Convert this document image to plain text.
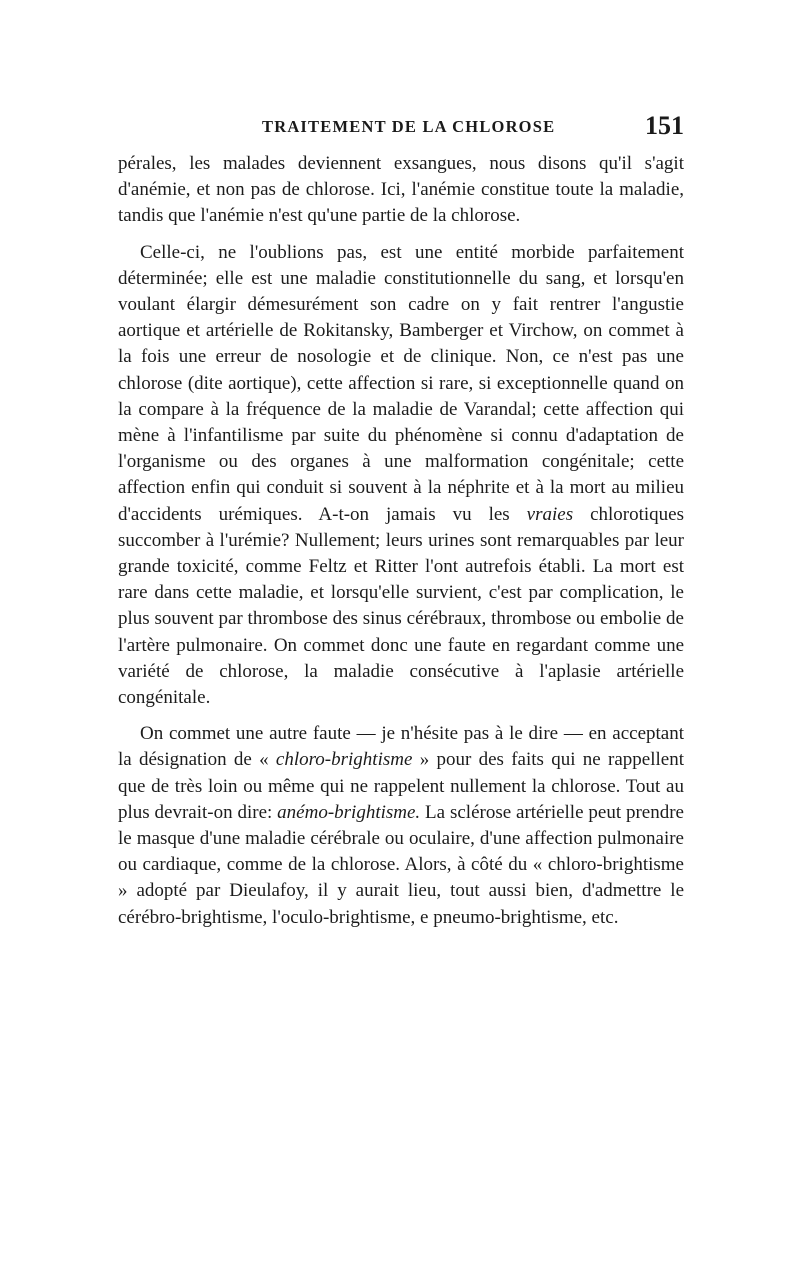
TRAITEMENT DE LA CHLOROSE	151

pérales, les malades deviennent exsangues, nous disons qu'il s'agit d'anémie, et non pas de chlorose. Ici, l'anémie constitue toute la maladie, tandis que l'anémie n'est qu'une partie de la chlorose.

Celle-ci, ne l'oublions pas, est une entité morbide parfaitement déterminée; elle est une maladie constitutionnelle du sang, et lorsqu'en voulant élargir démesurément son cadre on y fait rentrer l'angustie aortique et artérielle de Rokitansky, Bamberger et Virchow, on commet à la fois une erreur de nosologie et de clinique. Non, ce n'est pas une chlorose (dite aortique), cette affection si rare, si exceptionnelle quand on la compare à la fréquence de la maladie de Varandal; cette affection qui mène à l'infantilisme par suite du phénomène si connu d'adaptation de l'organisme ou des organes à une malformation congénitale; cette affection enfin qui conduit si souvent à la néphrite et à la mort au milieu d'accidents urémiques. A-t-on jamais vu les vraies chlorotiques succomber à l'urémie? Nullement; leurs urines sont remarquables par leur grande toxicité, comme Feltz et Ritter l'ont autrefois établi. La mort est rare dans cette maladie, et lorsqu'elle survient, c'est par complication, le plus souvent par thrombose des sinus cérébraux, thrombose ou embolie de l'artère pulmonaire. On commet donc une faute en regardant comme une variété de chlorose, la maladie consécutive à l'aplasie artérielle congénitale.

On commet une autre faute — je n'hésite pas à le dire — en acceptant la désignation de « chloro-brightisme » pour des faits qui ne rappellent que de très loin ou même qui ne rappelent nullement la chlorose. Tout au plus devrait-on dire: anémo-brightisme. La sclérose artérielle peut prendre le masque d'une maladie cérébrale ou oculaire, d'une affection pulmonaire ou cardiaque, comme de la chlorose. Alors, à côté du « chloro-brightisme » adopté par Dieulafoy, il y aurait lieu, tout aussi bien, d'admettre le cérébro-brightisme, l'oculo-brightisme, e pneumo-brightisme, etc.
